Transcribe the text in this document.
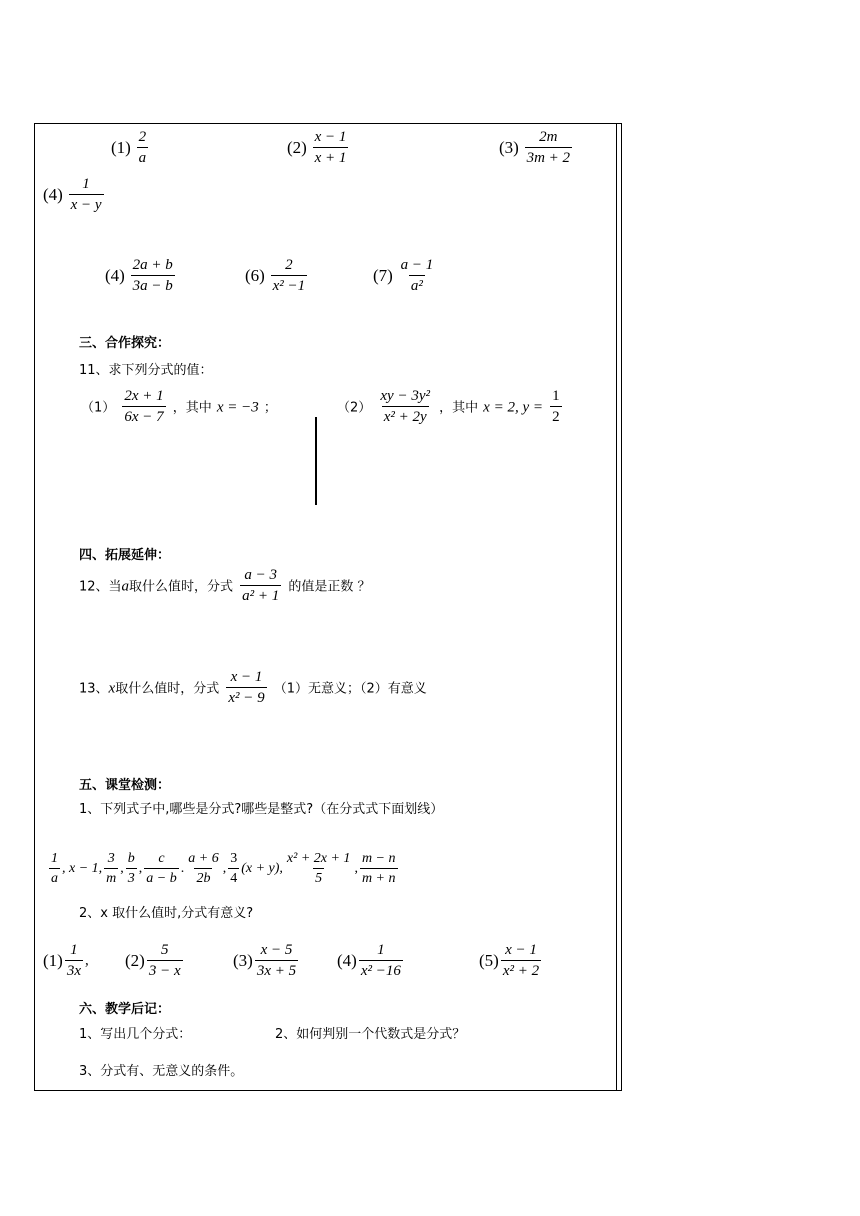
$(1) \frac{2}{a}$	$(2) \frac{x - 1}{x + 1}$	$(3) \frac{2m}{3m + 2}$
$(4) \frac{1}{x - y}$
$(4) \frac{2a + b}{3a - b}$	$(6) \frac{2}{\text{x² −1}}$	$(7) \frac{a - 1}{\text{a²}}$
三、合作探究：
11、求下列分式的值：
$(1) \frac{2x + 1}{6x - 7}$ ，其中 x = −3 ；	$(2) \frac{\text{xy − 3y²}}{\text{x² + 2y}}$ ，其中 x = 2, $y = \frac{1}{2}$
四、拓展延伸：
12、当a取什么值时，分式 $\frac{a - 3}{\text{a² + 1}}$ 的值是正数 ？
13、x取什么值时，分式 $\frac{x - 1}{\text{x² − 9}} (1)$无意义；（2）有意义
五、课堂检测：
1、下列式子中,哪些是分式?哪些是整式?（在分式式下面划线）
$\frac{1}{a}$ , x − 1, $\frac{3}{m}$ , $\frac{b}{3}$ , $\frac{c}{a - b}$ . $\frac{a + 6}{2b}$ , $\frac{3}{4} (x + y)$, $\frac{\text{x² + 2x + 1}}{5}$ , $\frac{m - n}{m + n}$
2、x 取什么值时,分式有意义?
$(1) \frac{1}{3x}$ , $(2) \frac{5}{3 - x}$	$(3) \frac{x - 5}{3x + 5} (4) \frac{1}{\text{x² −16}}$	$(5) \frac{x - 1}{\text{x² + 2}}$
六、教学后记：
1、写出几个分式：	2、如何判别一个代数式是分式？
3、分式有、无意义的条件。
